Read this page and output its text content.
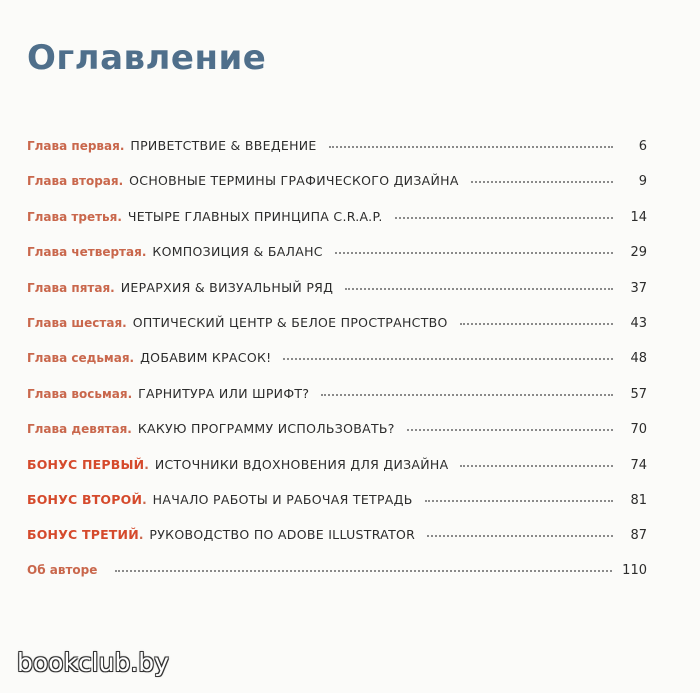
Оглавление
Глава первая . ПРИВЕТСТВИЕ & ВВЕДЕНИЕ	6
Глава вторая . ОСНОВНЫЕ ТЕРМИНЫ ГРАФИЧЕСКОГО ДИЗАЙНА	9
Глава третья . ЧЕТЫРЕ ГЛАВНЫХ ПРИНЦИПА C.R.A.P.	14
Глава четвертая . КОМПОЗИЦИЯ & БАЛАНС	29
Глава пятая . ИЕРАРХИЯ & ВИЗУАЛЬНЫЙ РЯД	37
Глава шестая . ОПТИЧЕСКИЙ ЦЕНТР & БЕЛОЕ ПРОСТРАНСТВО	43
Глава седьмая . ДОБАВИМ КРАСОК!	48
Глава восьмая . ГАРНИТУРА ИЛИ ШРИФТ?	57
Глава девятая . КАКУЮ ПРОГРАММУ ИСПОЛЬЗОВАТЬ?	70
БОНУС ПЕРВЫЙ . ИСТОЧНИКИ ВДОХНОВЕНИЯ ДЛЯ ДИЗАЙНА	74
БОНУС ВТОРОЙ . НАЧАЛО РАБОТЫ И РАБОЧАЯ ТЕТРАДЬ	81
БОНУС ТРЕТИЙ . РУКОВОДСТВО ПО ADOBE ILLUSTRATOR	87
Об авторе	110
bookclub.by
